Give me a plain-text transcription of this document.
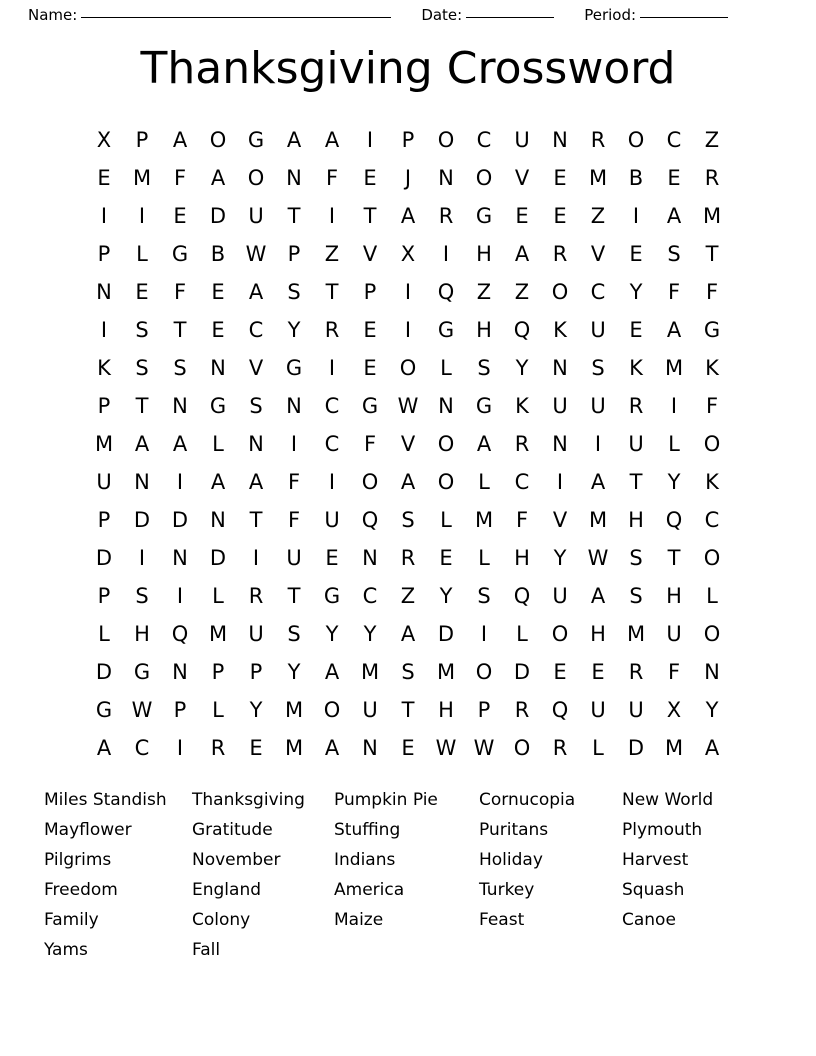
Name:	Date:	Period:
Thanksgiving Crossword
X	P	A	O	G	A	A	I	P	O	C	U	N	R	O	C	Z
E	M	F	A	O	N	F	E	J	N	O	V	E	M	B	E	R
I	I	E	D	U	T	I	T	A	R	G	E	E	Z	I	A	M
P	L	G	B	W	P	Z	V	X	I	H	A	R	V	E	S	T
N	E	F	E	A	S	T	P	I	Q	Z	Z	O	C	Y	F	F
I	S	T	E	C	Y	R	E	I	G	H	Q	K	U	E	A	G
K	S	S	N	V	G	I	E	O	L	S	Y	N	S	K	M	K
P	T	N	G	S	N	C	G	W	N	G	K	U	U	R	I	F
M	A	A	L	N	I	C	F	V	O	A	R	N	I	U	L	O
U	N	I	A	A	F	I	O	A	O	L	C	I	A	T	Y	K
P	D	D	N	T	F	U	Q	S	L	M	F	V	M	H	Q	C
D	I	N	D	I	U	E	N	R	E	L	H	Y	W	S	T	O
P	S	I	L	R	T	G	C	Z	Y	S	Q	U	A	S	H	L
L	H	Q	M	U	S	Y	Y	A	D	I	L	O	H	M	U	O
D	G	N	P	P	Y	A	M	S	M	O	D	E	E	R	F	N
G	W	P	L	Y	M	O	U	T	H	P	R	Q	U	U	X	Y
A	C	I	R	E	M	A	N	E	W	W	O	R	L	D	M	A
Miles Standish
Mayflower
Pilgrims
Freedom
Family
Yams
Thanksgiving
Gratitude
November
England
Colony
Fall
Pumpkin Pie
Stuffing
Indians
America
Maize
Cornucopia
Puritans
Holiday
Turkey
Feast
New World
Plymouth
Harvest
Squash
Canoe
